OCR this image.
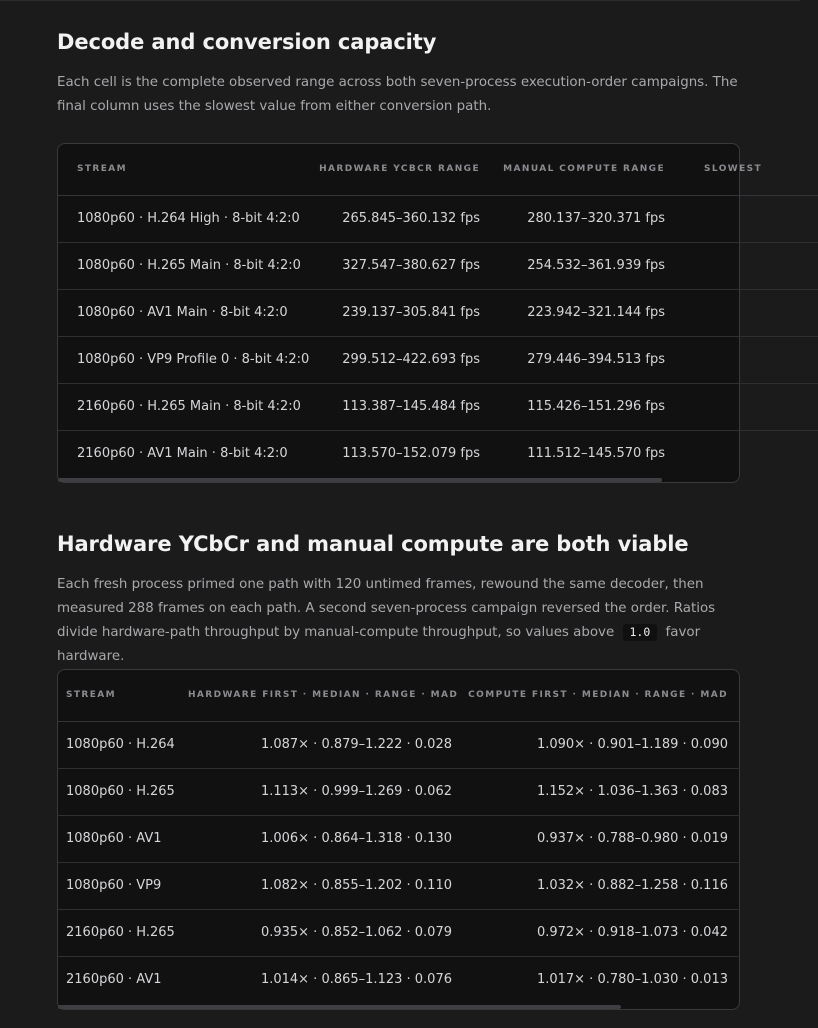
Decode and conversion capacity

Each cell is the complete observed range across both seven-process execution-order campaigns. The final column uses the slowest value from either conversion path.

STREAM	HARDWARE YCBCR RANGE	MANUAL COMPUTE RANGE	SLOWEST
1080p60 · H.264 High · 8-bit 4:2:0	265.845–360.132 fps	280.137–320.371 fps	
1080p60 · H.265 Main · 8-bit 4:2:0	327.547–380.627 fps	254.532–361.939 fps	
1080p60 · AV1 Main · 8-bit 4:2:0	239.137–305.841 fps	223.942–321.144 fps	
1080p60 · VP9 Profile 0 · 8-bit 4:2:0	299.512–422.693 fps	279.446–394.513 fps	
2160p60 · H.265 Main · 8-bit 4:2:0	113.387–145.484 fps	115.426–151.296 fps	
2160p60 · AV1 Main · 8-bit 4:2:0	113.570–152.079 fps	111.512–145.570 fps	
Hardware YCbCr and manual compute are both viable

Each fresh process primed one path with 120 untimed frames, rewound the same decoder, then measured 288 frames on each path. A second seven-process campaign reversed the order. Ratios divide hardware-path throughput by manual-compute throughput, so values above 1.0 favor hardware.

STREAM	HARDWARE FIRST · MEDIAN · RANGE · MAD	COMPUTE FIRST · MEDIAN · RANGE · MAD
1080p60 · H.264	1.087× · 0.879–1.222 · 0.028	1.090× · 0.901–1.189 · 0.090
1080p60 · H.265	1.113× · 0.999–1.269 · 0.062	1.152× · 1.036–1.363 · 0.083
1080p60 · AV1	1.006× · 0.864–1.318 · 0.130	0.937× · 0.788–0.980 · 0.019
1080p60 · VP9	1.082× · 0.855–1.202 · 0.110	1.032× · 0.882–1.258 · 0.116
2160p60 · H.265	0.935× · 0.852–1.062 · 0.079	0.972× · 0.918–1.073 · 0.042
2160p60 · AV1	1.014× · 0.865–1.123 · 0.076	1.017× · 0.780–1.030 · 0.013
